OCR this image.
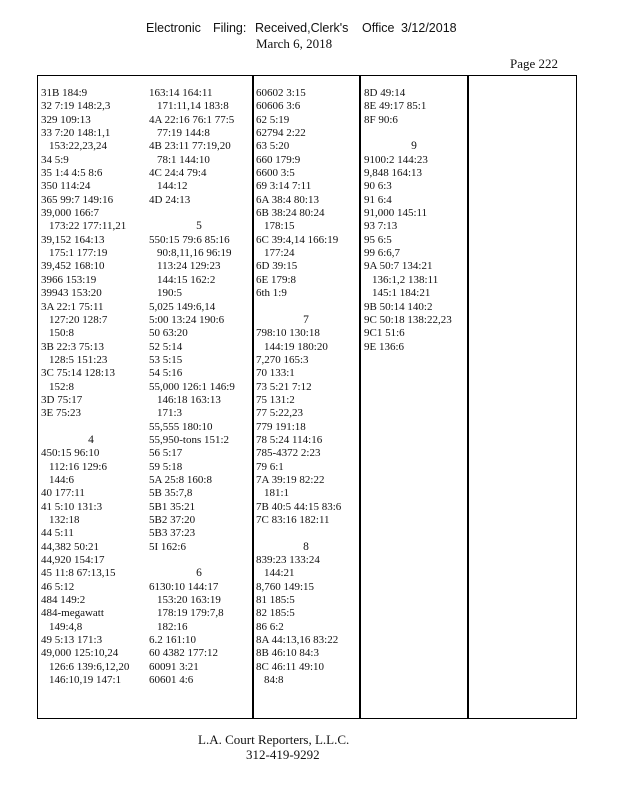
Electronic Filing: Received,Clerk's Office 3/12/2018
March 6, 2018
Page 222
31B 184:9
32 7:19 148:2,3
329 109:13
33 7:20 148:1,1
153:22,23,24
34 5:9
35 1:4 4:5 8:6
350 114:24
365 99:7 149:16
39,000 166:7
173:22 177:11,21
39,152 164:13
175:1 177:19
39,452 168:10
3966 153:19
39943 153:20
3A 22:1 75:11
127:20 128:7
150:8
3B 22:3 75:13
128:5 151:23
3C 75:14 128:13
152:8
3D 75:17
3E 75:23
4
450:15 96:10
112:16 129:6
144:6
40 177:11
41 5:10 131:3
132:18
44 5:11
44,382 50:21
44,920 154:17
45 11:8 67:13,15
46 5:12
484 149:2
484-megawatt
149:4,8
49 5:13 171:3
49,000 125:10,24
126:6 139:6,12,20
146:10,19 147:1
163:14 164:11
171:11,14 183:8
4A 22:16 76:1 77:5
77:19 144:8
4B 23:11 77:19,20
78:1 144:10
4C 24:4 79:4
144:12
4D 24:13
5
550:15 79:6 85:16
90:8,11,16 96:19
113:24 129:23
144:15 162:2
190:5
5,025 149:6,14
5:00 13:24 190:6
50 63:20
52 5:14
53 5:15
54 5:16
55,000 126:1 146:9
146:18 163:13
171:3
55,555 180:10
55,950-tons 151:2
56 5:17
59 5:18
5A 25:8 160:8
5B 35:7,8
5B1 35:21
5B2 37:20
5B3 37:23
5I 162:6
6
6130:10 144:17
153:20 163:19
178:19 179:7,8
182:16
6.2 161:10
60 4382 177:12
60091 3:21
60601 4:6
60602 3:15
60606 3:6
62 5:19
62794 2:22
63 5:20
660 179:9
6600 3:5
69 3:14 7:11
6A 38:4 80:13
6B 38:24 80:24
178:15
6C 39:4,14 166:19
177:24
6D 39:15
6E 179:8
6th 1:9
7
798:10 130:18
144:19 180:20
7,270 165:3
70 133:1
73 5:21 7:12
75 131:2
77 5:22,23
779 191:18
78 5:24 114:16
785-4372 2:23
79 6:1
7A 39:19 82:22
181:1
7B 40:5 44:15 83:6
7C 83:16 182:11
8
839:23 133:24
144:21
8,760 149:15
81 185:5
82 185:5
86 6:2
8A 44:13,16 83:22
8B 46:10 84:3
8C 46:11 49:10
84:8
8D 49:14
8E 49:17 85:1
8F 90:6
9
9100:2 144:23
9,848 164:13
90 6:3
91 6:4
91,000 145:11
93 7:13
95 6:5
99 6:6,7
9A 50:7 134:21
136:1,2 138:11
145:1 184:21
9B 50:14 140:2
9C 50:18 138:22,23
9C1 51:6
9E 136:6
L.A. Court Reporters, L.L.C.
312-419-9292
